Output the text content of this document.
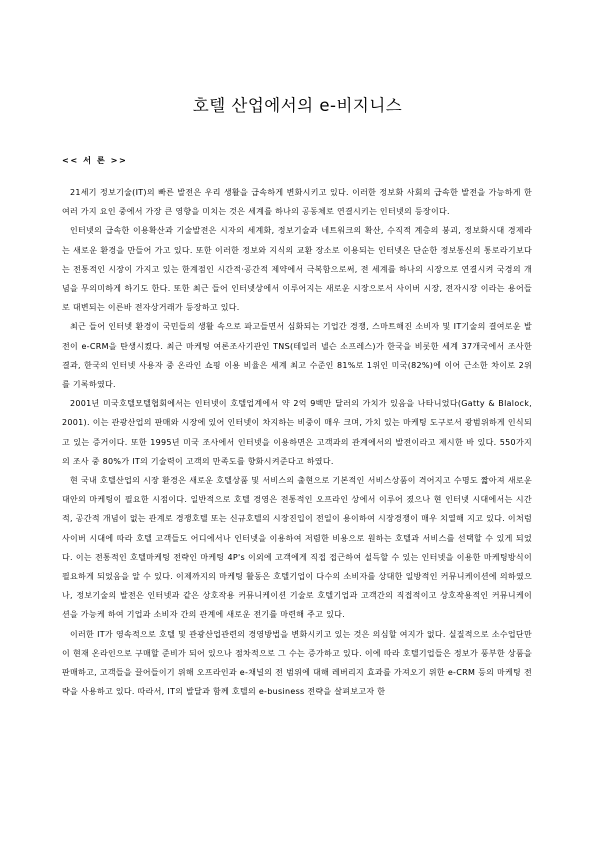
호텔 산업에서의 e-비지니스
<< 서 론 >>

21세기 정보기술(IT)의 빠른 발전은 우리 생활을 급속하게 변화시키고 있다. 이러한 정보화 사회의 급속한 발전을 가능하게 한 여러 가지 요인 중에서 가장 큰 영향을 미치는 것은 세계를 하나의 공동체로 연결시키는 인터넷의 등장이다.

인터넷의 급속한 이용확산과 기술발전은 시자의 세계화, 정보기술과 네트워크의 확산, 수직적 계층의 붕괴, 정보화시대 경제라는 새로운 환경을 만들어 가고 있다. 또한 이러한 정보와 지식의 교환 장소로 이용되는 인터넷은 단순한 정보통신의 통로라기보다는 전통적인 시장이 가지고 있는 한계점인 시간적·공간적 제약에서 극복함으로써, 전 세계를 하나의 시장으로 연결시켜 국경의 개념을 무의미하게 하기도 한다. 또한 최근 들어 인터넷상에서 이루어지는 새로운 시장으로서 사이버 시장, 전자시장 이라는 용어들로 대변되는 이른바 전자상거래가 등장하고 있다.

최근 들어 인터넷 환경이 국민들의 생활 속으로 파고들면서 심화되는 기업간 경쟁, 스마트해진 소비자 및 IT기술의 결여로운 발전이 e-CRM을 탄생시켰다. 최근 마케팅 여론조사기관인 TNS(테일러 넬슨 소프레스)가 한국을 비롯한 세계 37개국에서 조사한 결과, 한국의 인터넷 사용자 중 온라인 쇼핑 이용 비율은 세계 최고 수준인 81%로 1위인 미국(82%)에 이어 근소한 차이로 2위를 기록하였다.

2001년 미국호텔모텔협회에서는 인터넷이 호텔업계에서 약 2억 9백만 달러의 가치가 있음을 나타니었다(Gatty & Blalock, 2001). 이는 관광산업의 판매와 시장에 있어 인터넷이 차지하는 비중이 매우 크며, 가치 있는 마케팅 도구로서 광범위하게 인식되고 있는 증거이다. 또한 1995년 미국 조사에서 인터넷을 이용하면은 고객과의 관계에서의 발전이라고 제시한 바 있다. 550가지의 조사 중 80%가 IT의 기술력이 고객의 만족도를 향화시켜준다고 하였다.

현 국내 호텔산업의 시장 환경은 새로운 호텔상품 및 서비스의 출현으로 기본적인 서비스상품이 격어지고 수명도 짧아져 새로운 대안의 마케팅이 필요한 시점이다. 일반적으로 호텔 경영은 전통적인 오프라인 상에서 이루어 졌으나 현 인터넷 시대에서는 시간적, 공간적 개념이 없는 관계로 경쟁호텔 또는 신규호텔의 시장진입이 전일이 용이하여 시장경쟁이 매우 치열해 지고 있다. 이처럼 사이버 시대에 따라 호텔 고객들도 어디에서나 인터넷을 이용하여 저렴한 비용으로 원하는 호텔과 서비스를 선택할 수 있게 되었다. 이는 전통적인 호텔마케팅 전략인 마케팅 4P's 이외에 고객에게 직접 접근하여 설득할 수 있는 인터넷을 이용한 마케팅방식이 필요하게 되었음을 알 수 있다. 이제까지의 마케팅 활동은 호텔기업이 다수의 소비자를 상대한 일방적인 커뮤니케이션에 의하였으나, 정보기술의 발전은 인터넷과 같은 상호작용 커뮤니케이션 기술로 호텔기업과 고객간의 직접적이고 상호작용적인 커뮤니케이션을 가능케 하여 기업과 소비자 간의 관계에 새로운 전기를 마련해 주고 있다.

이러한 IT가 영속적으로 호텔 및 관광산업관련의 경영방법을 변화시키고 있는 것은 의심할 여지가 없다. 실질적으로 소수업단만이 현재 온라인으로 구매할 준비가 되어 있으나 점차적으로 그 수는 증가하고 있다. 이에 따라 호텔기업들은 정보가 풍부한 상품을 판매하고, 고객들을 끌어들이기 위해 오프라인과 e-채널의 전 범위에 대해 레버리지 효과를 가져오기 위한 e-CRM 등의 마케팅 전략을 사용하고 있다. 따라서, IT의 발달과 함께 호텔의 e-business 전략을 살펴보고자 한
